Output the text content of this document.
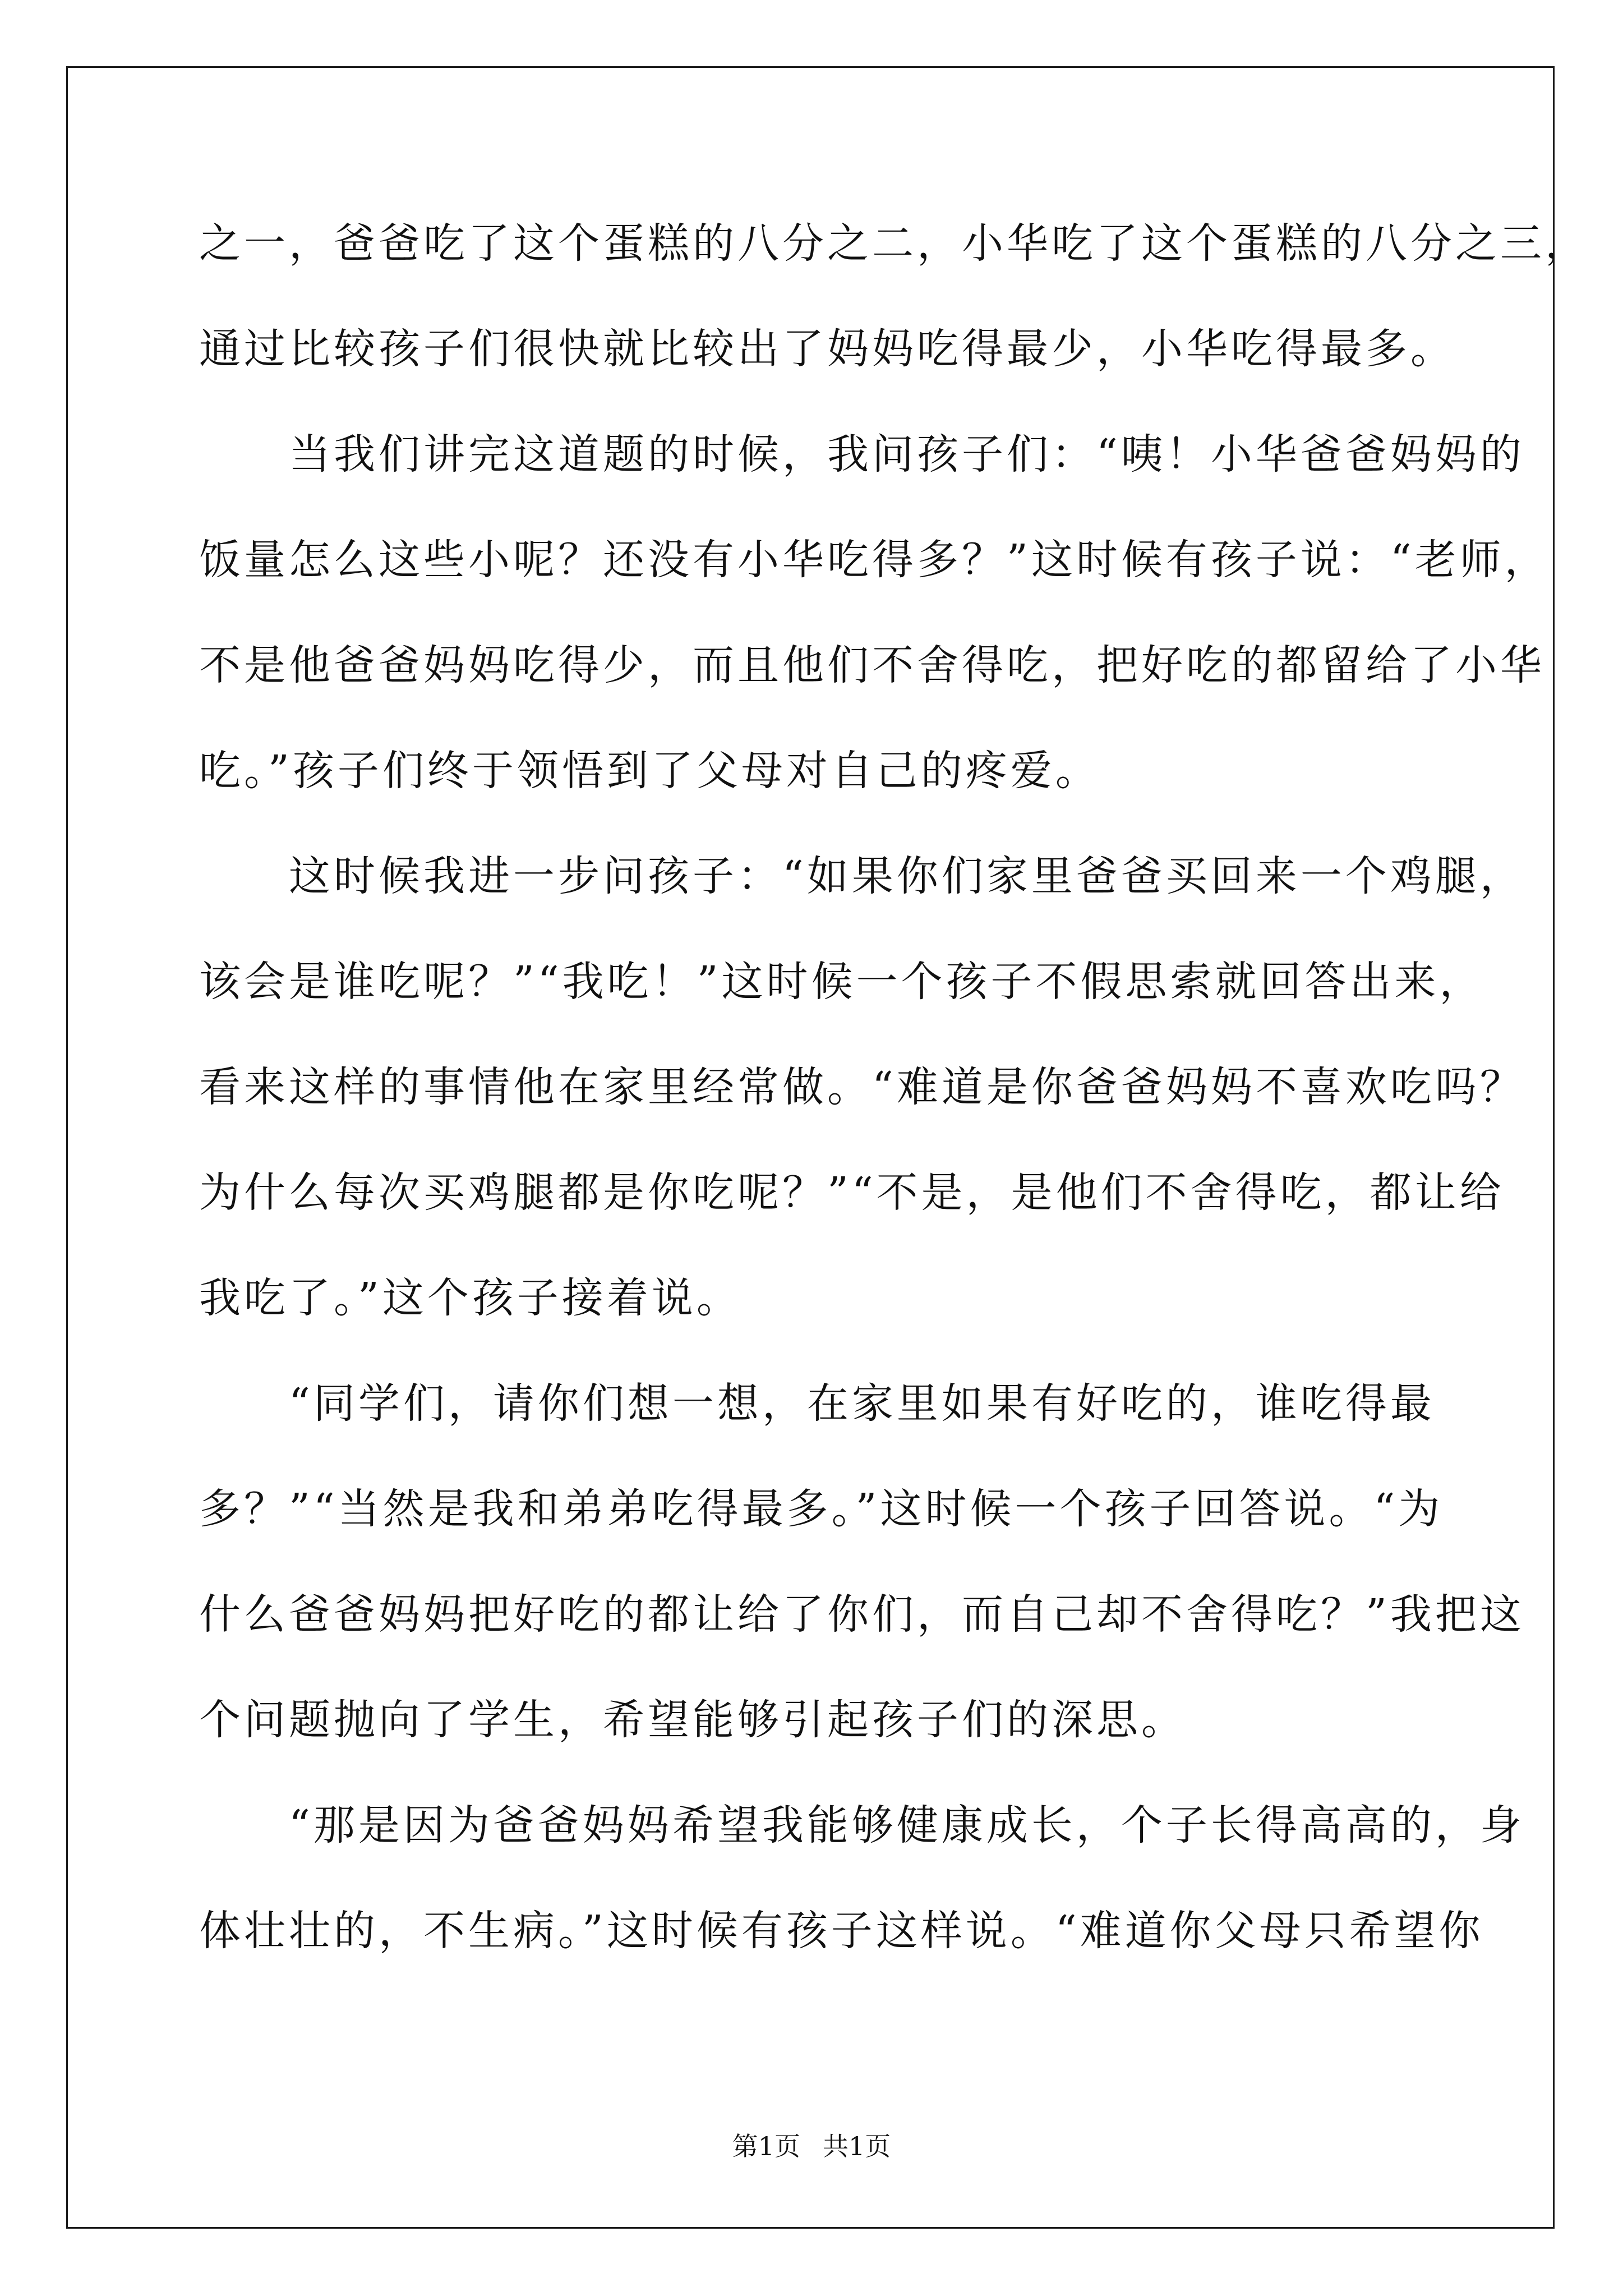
之一，爸爸吃了这个蛋糕的八分之二，小华吃了这个蛋糕的八分之三，
通过比较孩子们很快就比较出了妈妈吃得最少，小华吃得最多。
　　当我们讲完这道题的时候，我问孩子们：“咦！小华爸爸妈妈的
饭量怎么这些小呢？还没有小华吃得多？”这时候有孩子说：“老师，
不是他爸爸妈妈吃得少，而且他们不舍得吃，把好吃的都留给了小华
吃。”孩子们终于领悟到了父母对自己的疼爱。
　　这时候我进一步问孩子：“如果你们家里爸爸买回来一个鸡腿，
该会是谁吃呢？”“我吃！”这时候一个孩子不假思索就回答出来，
看来这样的事情他在家里经常做。“难道是你爸爸妈妈不喜欢吃吗？
为什么每次买鸡腿都是你吃呢？”“不是，是他们不舍得吃，都让给
我吃了。”这个孩子接着说。
　　“同学们，请你们想一想，在家里如果有好吃的，谁吃得最
多？”“当然是我和弟弟吃得最多。”这时候一个孩子回答说。“为
什么爸爸妈妈把好吃的都让给了你们，而自己却不舍得吃？”我把这
个问题抛向了学生，希望能够引起孩子们的深思。
　　“那是因为爸爸妈妈希望我能够健康成长，个子长得高高的，身
体壮壮的，不生病。”这时候有孩子这样说。“难道你父母只希望你
第1页 共1页
